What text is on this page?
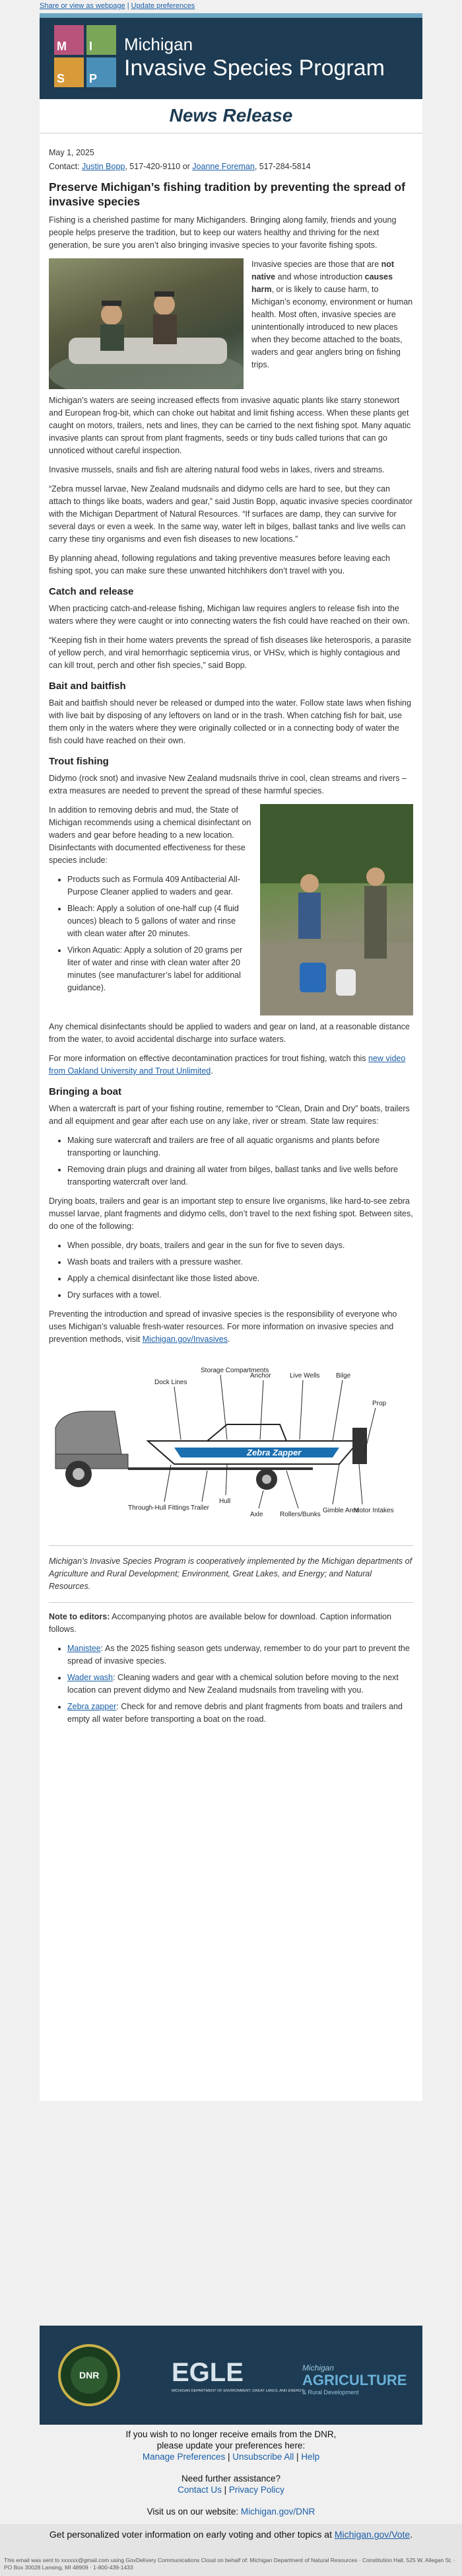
Share or view as webpage | Update preferences
M I
S P
Michigan
Invasive Species Program
News Release

May 1, 2025

Contact: Justin Bopp, 517-420-9110 or Joanne Foreman, 517-284-5814

Preserve Michigan’s fishing tradition by preventing the spread of invasive species

Fishing is a cherished pastime for many Michiganders. Bringing along family, friends and young people helps preserve the tradition, but to keep our waters healthy and thriving for the next generation, be sure you aren’t also bringing invasive species to your favorite fishing spots.

Invasive species are those that are not native and whose introduction causes harm, or is likely to cause harm, to Michigan’s economy, environment or human health. Most often, invasive species are unintentionally introduced to new places when they become attached to the boats, waders and gear anglers bring on fishing trips.

Michigan’s waters are seeing increased effects from invasive aquatic plants like starry stonewort and European frog-bit, which can choke out habitat and limit fishing access. When these plants get caught on motors, trailers, nets and lines, they can be carried to the next fishing spot. Many aquatic invasive plants can sprout from plant fragments, seeds or tiny buds called turions that can go unnoticed without careful inspection.

Invasive mussels, snails and fish are altering natural food webs in lakes, rivers and streams.

“Zebra mussel larvae, New Zealand mudsnails and didymo cells are hard to see, but they can attach to things like boats, waders and gear,” said Justin Bopp, aquatic invasive species coordinator with the Michigan Department of Natural Resources. “If surfaces are damp, they can survive for several days or even a week. In the same way, water left in bilges, ballast tanks and live wells can carry these tiny organisms and even fish diseases to new locations.”

By planning ahead, following regulations and taking preventive measures before leaving each fishing spot, you can make sure these unwanted hitchhikers don’t travel with you.

Catch and release

When practicing catch-and-release fishing, Michigan law requires anglers to release fish into the waters where they were caught or into connecting waters the fish could have reached on their own.

“Keeping fish in their home waters prevents the spread of fish diseases like heterosporis, a parasite of yellow perch, and viral hemorrhagic septicemia virus, or VHSv, which is highly contagious and can kill trout, perch and other fish species,” said Bopp.

Bait and baitfish

Bait and baitfish should never be released or dumped into the water. Follow state laws when fishing with live bait by disposing of any leftovers on land or in the trash. When catching fish for bait, use them only in the waters where they were originally collected or in a connecting body of water the fish could have reached on their own.

Trout fishing

Didymo (rock snot) and invasive New Zealand mudsnails thrive in cool, clean streams and rivers – extra measures are needed to prevent the spread of these harmful species.

In addition to removing debris and mud, the State of Michigan recommends using a chemical disinfectant on waders and gear before heading to a new location. Disinfectants with documented effectiveness for these species include:

• Products such as Formula 409 Antibacterial All-Purpose Cleaner applied to waders and gear.
• Bleach: Apply a solution of one-half cup (4 fluid ounces) bleach to 5 gallons of water and rinse with clean water after 20 minutes.
• Virkon Aquatic: Apply a solution of 20 grams per liter of water and rinse with clean water after 20 minutes (see manufacturer’s label for additional guidance).

Any chemical disinfectants should be applied to waders and gear on land, at a reasonable distance from the water, to avoid accidental discharge into surface waters.

For more information on effective decontamination practices for trout fishing, watch this new video from Oakland University and Trout Unlimited.

Bringing a boat

When a watercraft is part of your fishing routine, remember to “Clean, Drain and Dry” boats, trailers and all equipment and gear after each use on any lake, river or stream. State law requires:

• Making sure watercraft and trailers are free of all aquatic organisms and plants before transporting or launching.
• Removing drain plugs and draining all water from bilges, ballast tanks and live wells before transporting watercraft over land.

Drying boats, trailers and gear is an important step to ensure live organisms, like hard-to-see zebra mussel larvae, plant fragments and didymo cells, don’t travel to the next fishing spot. Between sites, do one of the following:

• When possible, dry boats, trailers and gear in the sun for five to seven days.
• Wash boats and trailers with a pressure washer.
• Apply a chemical disinfectant like those listed above.
• Dry surfaces with a towel.

Preventing the introduction and spread of invasive species is the responsibility of everyone who uses Michigan’s valuable fresh-water resources. For more information on invasive species and prevention methods, visit Michigan.gov/Invasives.

Zebra Zapper
Dock Lines
Storage Compartments
Anchor	Live Wells Bilge
Prop
Through-Hull Fittings Trailer
Hull
Axle	Rollers/Bunks
Gimble Area
Motor Intakes

Michigan’s Invasive Species Program is cooperatively implemented by the Michigan departments of Agriculture and Rural Development; Environment, Great Lakes, and Energy; and Natural Resources.

Note to editors: Accompanying photos are available below for download. Caption information follows.

• Manistee: As the 2025 fishing season gets underway, remember to do your part to prevent the spread of invasive species.
• Wader wash: Cleaning waders and gear with a chemical solution before moving to the next location can prevent didymo and New Zealand mudsnails from traveling with you.
• Zebra zapper: Check for and remove debris and plant fragments from boats and trailers and empty all water before transporting a boat on the road.
DNR	EGLE
MICHIGAN DEPARTMENT OF ENVIRONMENT, GREAT LAKES, AND ENERGY
Michigan
AGRICULTURE
& Rural Development
If you wish to no longer receive emails from the DNR,
please update your preferences here:
Manage Preferences | Unsubscribe All | Help
Need further assistance?
Contact Us | Privacy Policy
Visit us on our website: Michigan.gov/DNR
Get personalized voter information on early voting and other topics at Michigan.gov/Vote.
This email was sent to xxxxxx@gmail.com using GovDelivery Communications Cloud on behalf of: Michigan Department of Natural Resources · Constitution Hall, 525 W. Allegan St. · PO Box 30028 Lansing, MI 48909 · 1-800-439-1433
